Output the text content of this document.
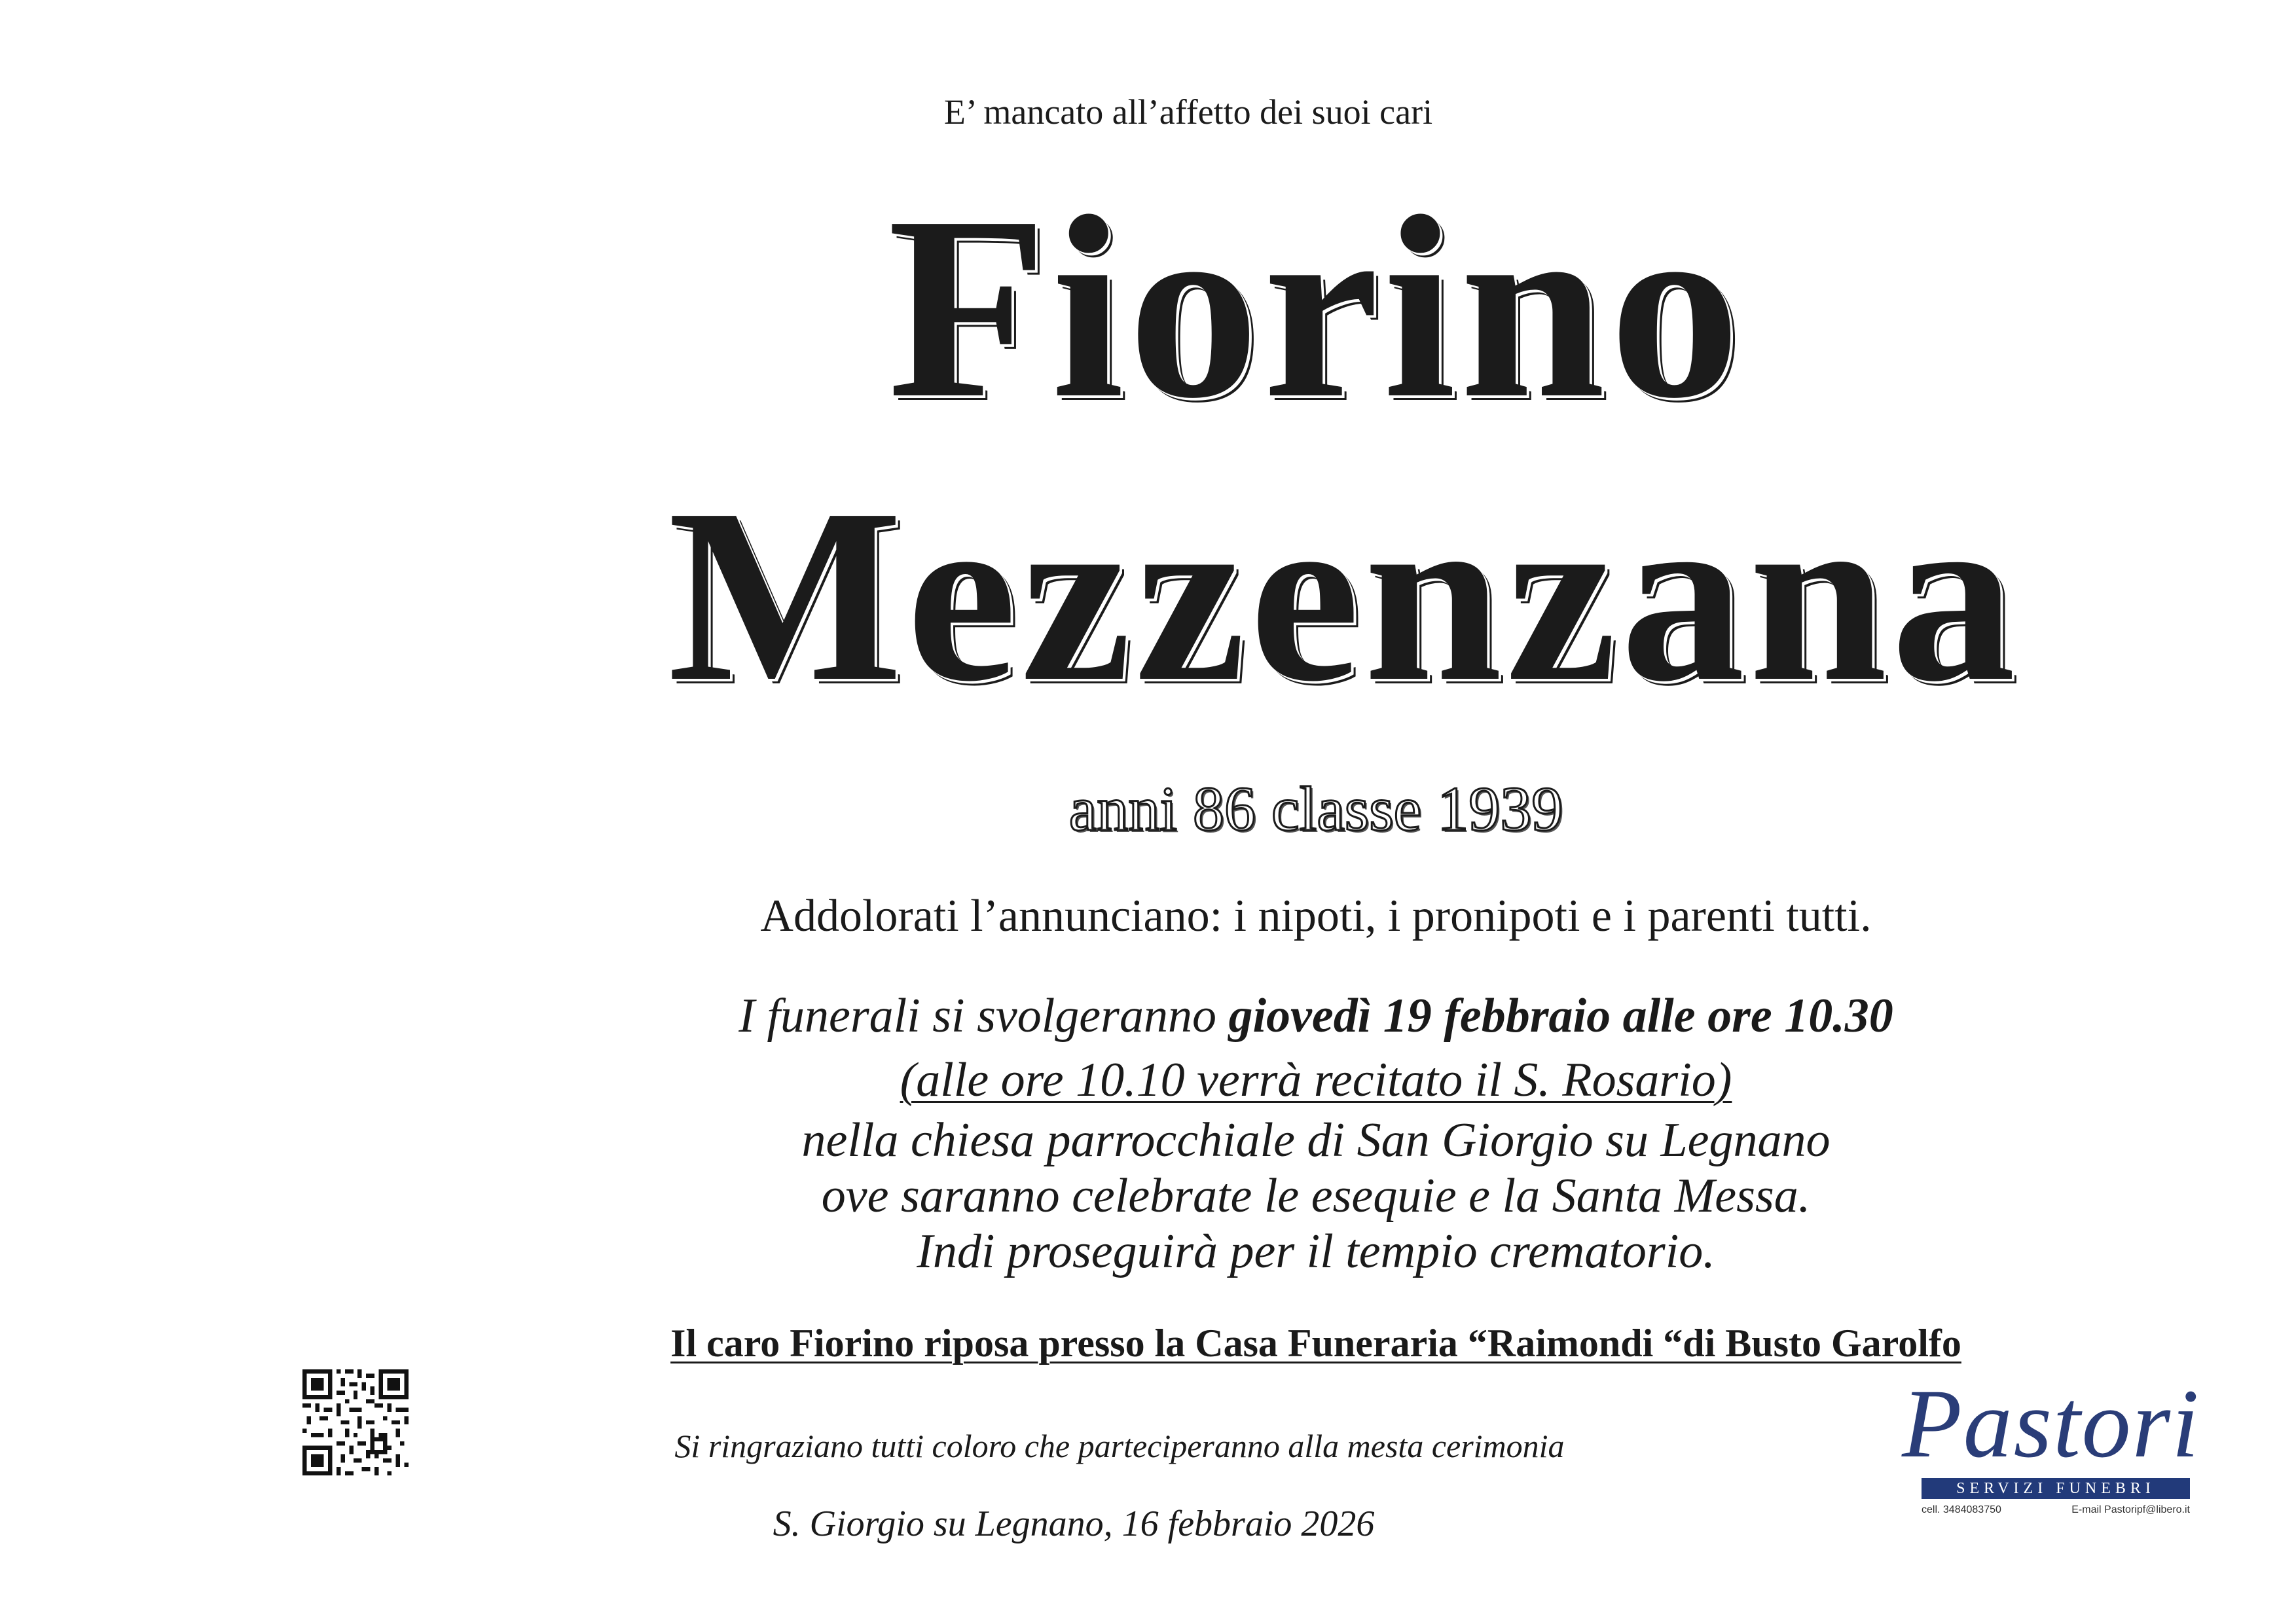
E’ mancato all’affetto dei suoi cari
Fiorino
Mezzenzana
anni 86 classe 1939
Addolorati l’annunciano: i nipoti, i pronipoti e i parenti tutti.
I funerali si svolgeranno giovedì 19 febbraio alle ore 10.30
(alle ore 10.10 verrà recitato il S. Rosario)
nella chiesa parrocchiale di San Giorgio su Legnano
ove saranno celebrate le esequie e la Santa Messa.
Indi proseguirà per il tempio crematorio.
Il caro Fiorino riposa presso la Casa Funeraria “Raimondi “di Busto Garolfo
Si ringraziano tutti coloro che parteciperanno alla mesta cerimonia
S. Giorgio su Legnano, 16 febbraio 2026
Pastori
SERVIZI FUNEBRI
cell. 3484083750	E-mail Pastoripf@libero.it
